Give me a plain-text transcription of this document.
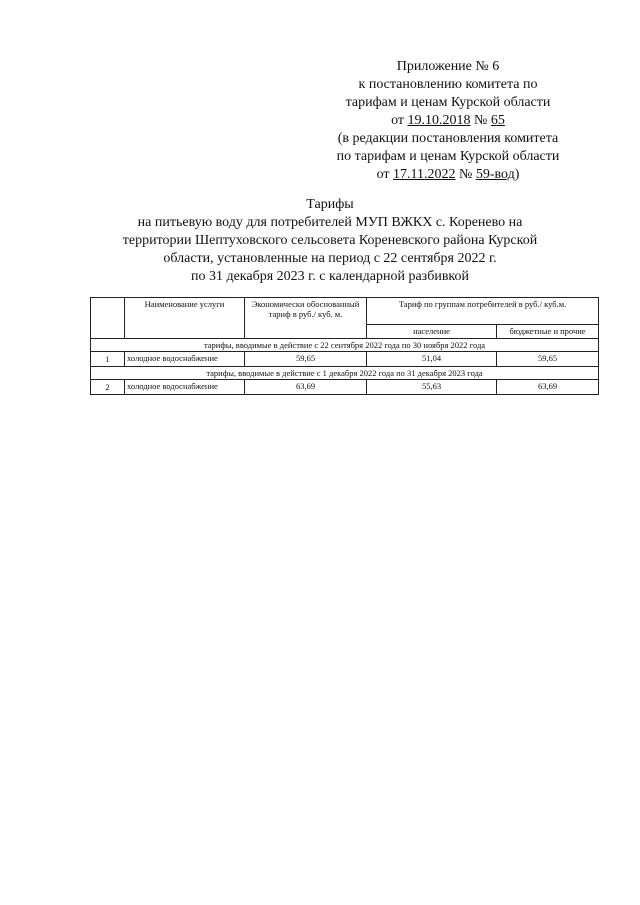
Приложение № 6
к постановлению комитета по
тарифам и ценам Курской области
от 19.10.2018 № 65
(в редакции постановления комитета
по тарифам и ценам Курской области
от 17.11.2022 № 59-вод)
Тарифы
на питьевую воду для потребителей МУП ВЖКХ с. Коренево на
территории Шептуховского сельсовета Кореневского района Курской
области, установленные на период с 22 сентября 2022 г.
по 31 декабря 2023 г. с календарной разбивкой
	Наименование услуги	Экономически обоснованный тариф в руб./ куб. м.	Тариф по группам потребителей в руб./ куб.м.	
			население	бюджетные и прочие
тарифы, вводимые в действие с 22 сентября 2022 года по 30 ноября 2022 года				
1	холодное водоснабжение	59,65	51,04	59,65
тарифы, вводимые в действие с 1 декабря 2022 года по 31 декабря 2023 года				
2	холодное водоснабжение	63,69	55,63	63,69
